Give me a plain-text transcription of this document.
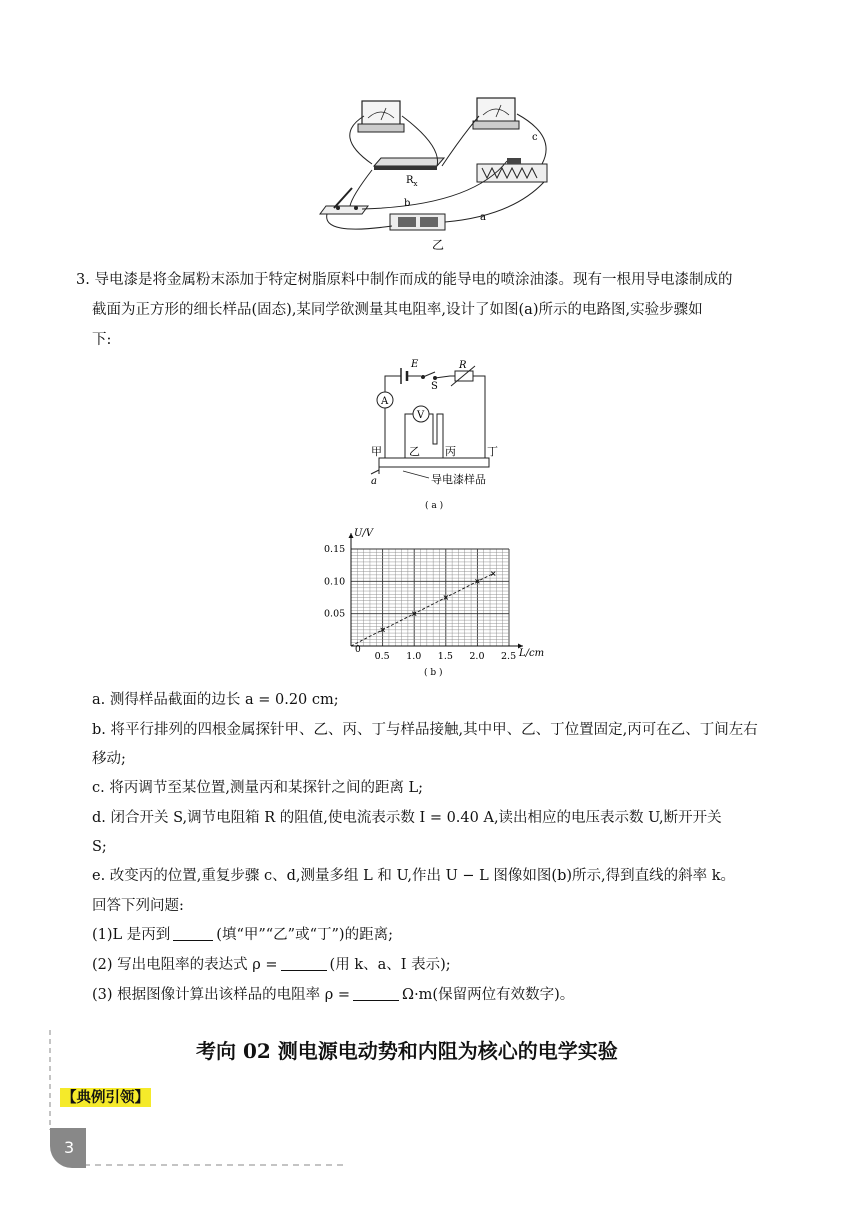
$R_x$
c
b
a
乙
3. 导电漆是将金属粉末添加于特定树脂原料中制作而成的能导电的喷涂油漆。现有一根用导电漆制成的
截面为正方形的细长样品(固态),某同学欲测量其电阻率,设计了如图(a)所示的电路图,实验步骤如
下:
E
S
R
A
V
甲 乙 丙	丁
a	导电漆样品
( a )
0.5 1.0 1.5 2.0 2.5
0.05
0.10
0.15
0
U/V
L/cm
( b )
a. 测得样品截面的边长 a = 0.20 cm;
b. 将平行排列的四根金属探针甲、乙、丙、丁与样品接触,其中甲、乙、丁位置固定,丙可在乙、丁间左右
移动;
c. 将丙调节至某位置,测量丙和某探针之间的距离 L;
d. 闭合开关 S,调节电阻箱 R 的阻值,使电流表示数 I = 0.40 A,读出相应的电压表示数 U,断开开关
S;
e. 改变丙的位置,重复步骤 c、d,测量多组 L 和 U,作出 U − L 图像如图(b)所示,得到直线的斜率 k。
回答下列问题:
(1)L 是丙到	(填“甲”“乙”或“丁”)的距离;
(2) 写出电阻率的表达式 ρ =	(用 k、a、I 表示);
(3) 根据图像计算出该样品的电阻率 ρ =	Ω·m(保留两位有效数字)。
考向 02 测电源电动势和内阻为核心的电学实验
【典例引领】
3
